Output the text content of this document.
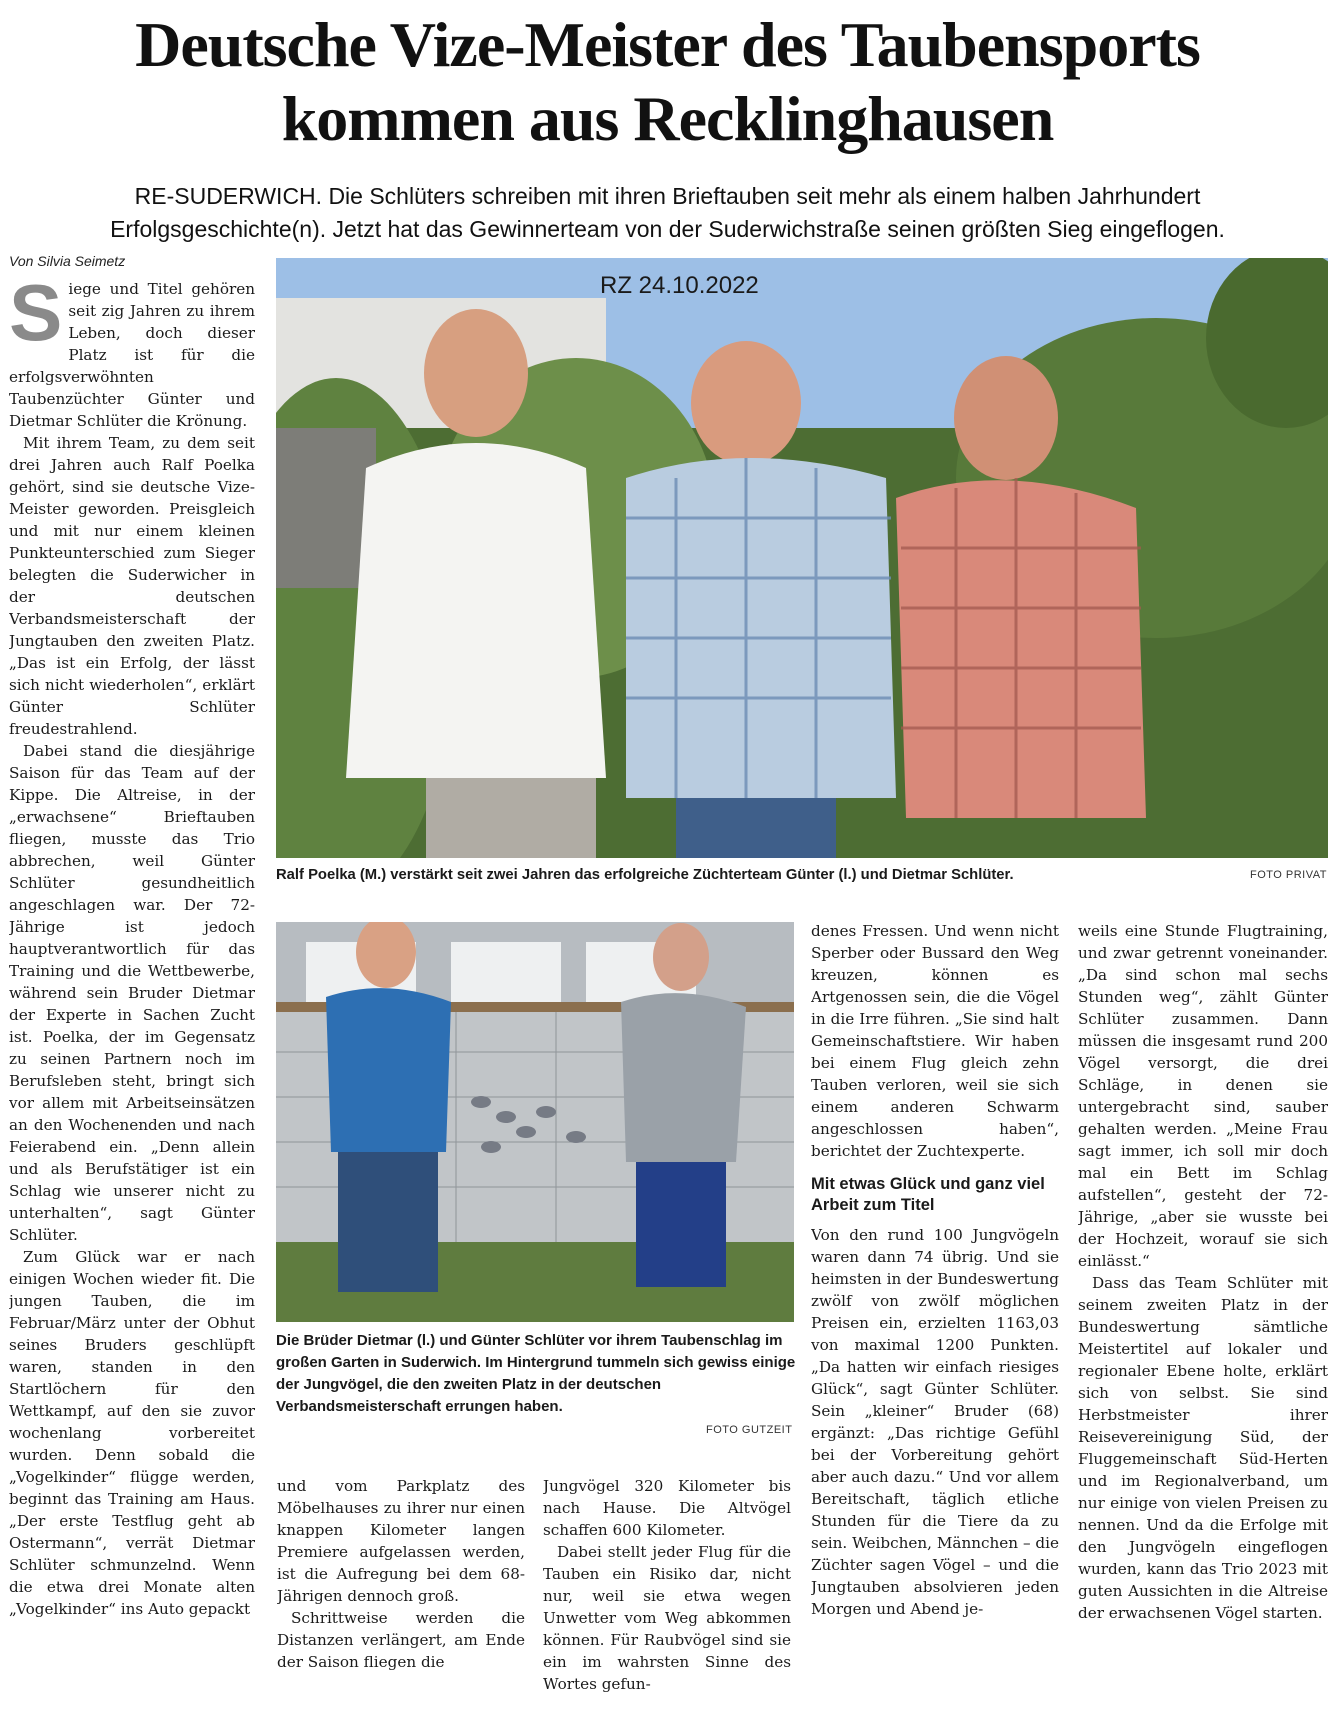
Deutsche Vize-Meister des Taubensports
kommen aus Recklinghausen

RE-SUDERWICH. Die Schlüters schreiben mit ihren Brieftauben seit mehr als einem halben Jahrhundert
Erfolgsgeschichte(n). Jetzt hat das Gewinnerteam von der Suderwichstraße seinen größten Sieg eingeflogen.

Von Silvia Seimetz

Siege und Titel gehören seit zig Jahren zu ihrem Leben, doch dieser Platz ist für die erfolgsverwöhnten Taubenzüchter Günter und Dietmar Schlüter die Krönung.

Mit ihrem Team, zu dem seit drei Jahren auch Ralf Poelka gehört, sind sie deutsche Vize-Meister geworden. Preisgleich und mit nur einem kleinen Punkteunterschied zum Sieger belegten die Suderwicher in der deutschen Verbandsmeisterschaft der Jungtauben den zweiten Platz. „Das ist ein Erfolg, der lässt sich nicht wiederholen“, erklärt Günter Schlüter freudestrahlend.

Dabei stand die diesjährige Saison für das Team auf der Kippe. Die Altreise, in der „erwachsene“ Brieftauben fliegen, musste das Trio abbrechen, weil Günter Schlüter gesundheitlich angeschlagen war. Der 72-Jährige ist jedoch hauptverantwortlich für das Training und die Wettbewerbe, während sein Bruder Dietmar der Experte in Sachen Zucht ist. Poelka, der im Gegensatz zu seinen Partnern noch im Berufsleben steht, bringt sich vor allem mit Arbeitseinsätzen an den Wochenenden und nach Feierabend ein. „Denn allein und als Berufstätiger ist ein Schlag wie unserer nicht zu unterhalten“, sagt Günter Schlüter.

Zum Glück war er nach einigen Wochen wieder fit. Die jungen Tauben, die im Februar/März unter der Obhut seines Bruders geschlüpft waren, standen in den Startlöchern für den Wettkampf, auf den sie zuvor wochenlang vorbereitet wurden. Denn sobald die „Vogelkinder“ flügge werden, beginnt das Training am Haus. „Der erste Testflug geht ab Ostermann“, verrät Dietmar Schlüter schmunzelnd. Wenn die etwa drei Monate alten „Vogelkinder“ ins Auto gepackt

RZ 24.10.2022
Ralf Poelka (M.) verstärkt seit zwei Jahren das erfolgreiche Züchterteam Günter (l.) und Dietmar Schlüter.	FOTO PRIVAT
Die Brüder Dietmar (l.) und Günter Schlüter vor ihrem Taubenschlag im großen Garten in Suderwich. Im Hintergrund tummeln sich gewiss einige der Jungvögel, die den zweiten Platz in der deutschen Verbandsmeisterschaft errungen haben.
FOTO GUTZEIT

und vom Parkplatz des Möbelhauses zu ihrer nur einen knappen Kilometer langen Premiere aufgelassen werden, ist die Aufregung bei dem 68-Jährigen dennoch groß.

Schrittweise werden die Distanzen verlängert, am Ende der Saison fliegen die

Jungvögel 320 Kilometer bis nach Hause. Die Altvögel schaffen 600 Kilometer.

Dabei stellt jeder Flug für die Tauben ein Risiko dar, nicht nur, weil sie etwa wegen Unwetter vom Weg abkommen können. Für Raubvögel sind sie ein im wahrsten Sinne des Wortes gefun-

denes Fressen. Und wenn nicht Sperber oder Bussard den Weg kreuzen, können es Artgenossen sein, die die Vögel in die Irre führen. „Sie sind halt Gemeinschaftstiere. Wir haben bei einem Flug gleich zehn Tauben verloren, weil sie sich einem anderen Schwarm angeschlossen haben“, berichtet der Zuchtexperte.

Mit etwas Glück und ganz viel Arbeit zum Titel

Von den rund 100 Jungvögeln waren dann 74 übrig. Und sie heimsten in der Bundeswertung zwölf von zwölf möglichen Preisen ein, erzielten 1163,03 von maximal 1200 Punkten. „Da hatten wir einfach riesiges Glück“, sagt Günter Schlüter. Sein „kleiner“ Bruder (68) ergänzt: „Das richtige Gefühl bei der Vorbereitung gehört aber auch dazu.“ Und vor allem Bereitschaft, täglich etliche Stunden für die Tiere da zu sein. Weibchen, Männchen – die Züchter sagen Vögel – und die Jungtauben absolvieren jeden Morgen und Abend je-

weils eine Stunde Flugtraining, und zwar getrennt voneinander. „Da sind schon mal sechs Stunden weg“, zählt Günter Schlüter zusammen. Dann müssen die insgesamt rund 200 Vögel versorgt, die drei Schläge, in denen sie untergebracht sind, sauber gehalten werden. „Meine Frau sagt immer, ich soll mir doch mal ein Bett im Schlag aufstellen“, gesteht der 72-Jährige, „aber sie wusste bei der Hochzeit, worauf sie sich einlässt.“

Dass das Team Schlüter mit seinem zweiten Platz in der Bundeswertung sämtliche Meistertitel auf lokaler und regionaler Ebene holte, erklärt sich von selbst. Sie sind Herbstmeister ihrer Reisevereinigung Süd, der Fluggemeinschaft Süd-Herten und im Regionalverband, um nur einige von vielen Preisen zu nennen. Und da die Erfolge mit den Jungvögeln eingeflogen wurden, kann das Trio 2023 mit guten Aussichten in die Altreise der erwachsenen Vögel starten.
